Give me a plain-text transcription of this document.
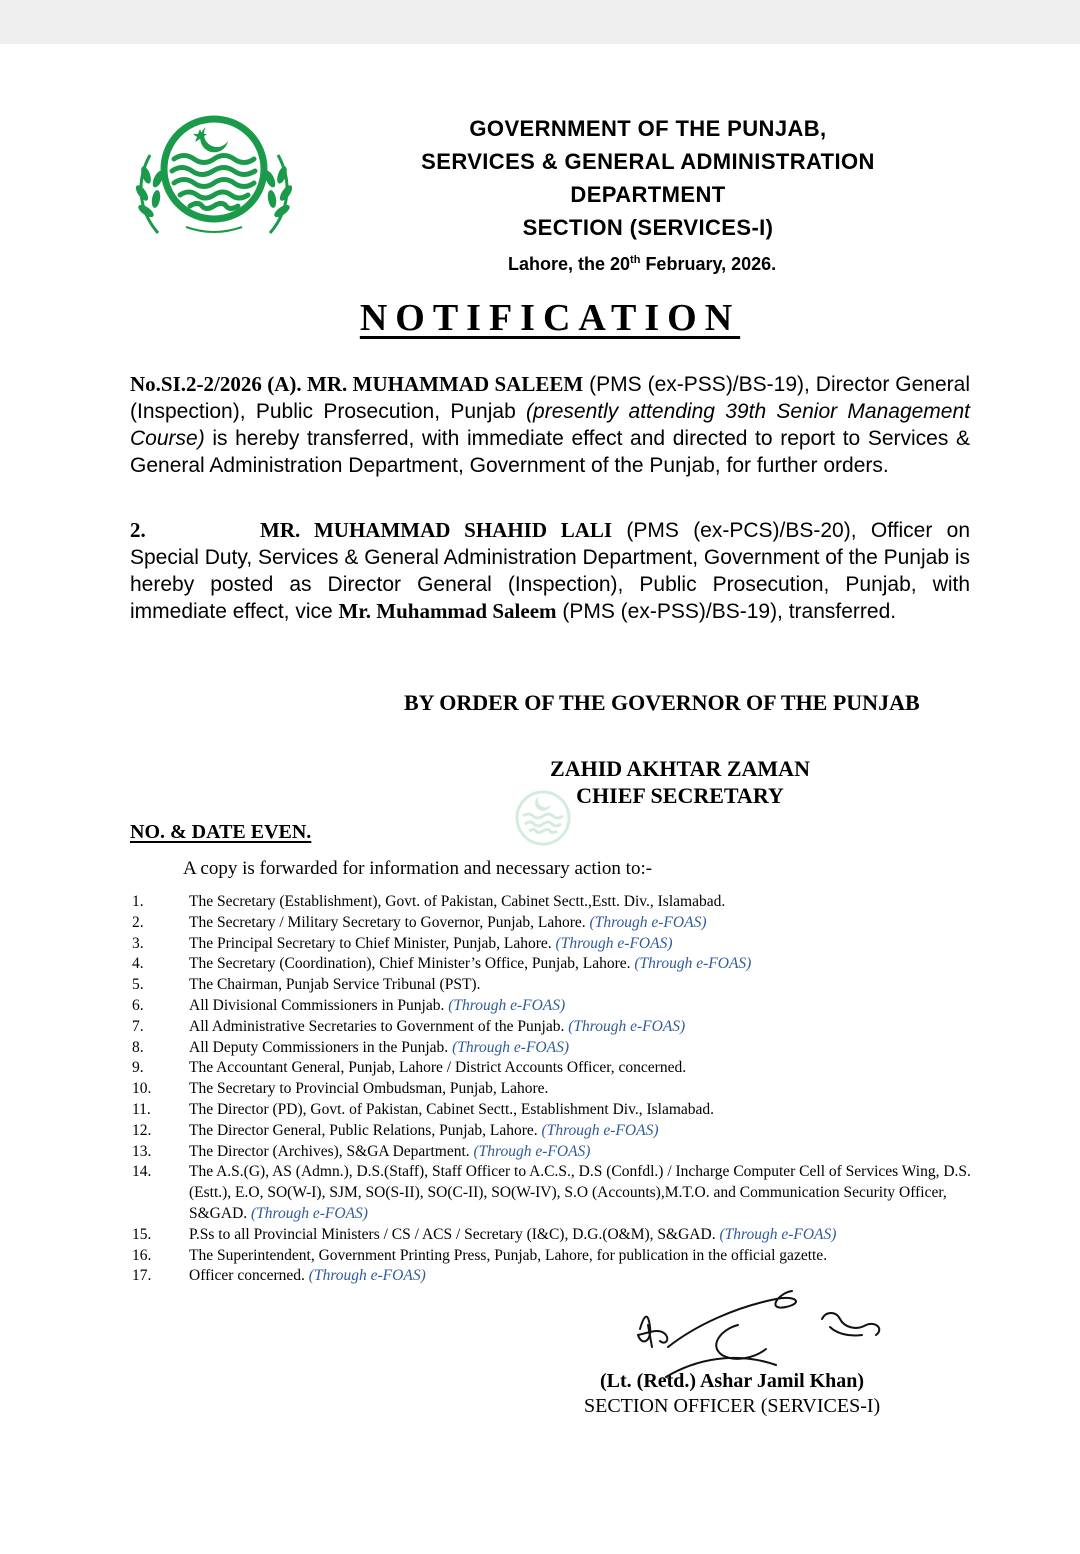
GOVERNMENT OF THE PUNJAB,
SERVICES & GENERAL ADMINISTRATION
DEPARTMENT
SECTION (SERVICES-I)
Lahore, the 20th February, 2026.
NOTIFICATION
No.SI.2-2/2026 (A). MR. MUHAMMAD SALEEM (PMS (ex-PSS)/BS-19), Director General (Inspection), Public Prosecution, Punjab (presently attending 39th Senior Management Course) is hereby transferred, with immediate effect and directed to report to Services & General Administration Department, Government of the Punjab, for further orders.
2.	MR. MUHAMMAD SHAHID LALI (PMS (ex-PCS)/BS-20), Officer on Special Duty, Services & General Administration Department, Government of the Punjab is hereby posted as Director General (Inspection), Public Prosecution, Punjab, with immediate effect, vice Mr. Muhammad Saleem (PMS (ex-PSS)/BS-19), transferred.
BY ORDER OF THE GOVERNOR OF THE PUNJAB
ZAHID AKHTAR ZAMAN
CHIEF SECRETARY
NO. & DATE EVEN.
A copy is forwarded for information and necessary action to:-
1.	The Secretary (Establishment), Govt. of Pakistan, Cabinet Sectt.,Estt. Div., Islamabad.
2.	The Secretary / Military Secretary to Governor, Punjab, Lahore. (Through e-FOAS)
3.	The Principal Secretary to Chief Minister, Punjab, Lahore. (Through e-FOAS)
4.	The Secretary (Coordination), Chief Minister’s Office, Punjab, Lahore. (Through e-FOAS)
5.	The Chairman, Punjab Service Tribunal (PST).
6.	All Divisional Commissioners in Punjab. (Through e-FOAS)
7.	All Administrative Secretaries to Government of the Punjab. (Through e-FOAS)
8.	All Deputy Commissioners in the Punjab. (Through e-FOAS)
9.	The Accountant General, Punjab, Lahore / District Accounts Officer, concerned.
10.	The Secretary to Provincial Ombudsman, Punjab, Lahore.
11.	The Director (PD), Govt. of Pakistan, Cabinet Sectt., Establishment Div., Islamabad.
12.	The Director General, Public Relations, Punjab, Lahore. (Through e-FOAS)
13.	The Director (Archives), S&GA Department. (Through e-FOAS)
14.	The A.S.(G), AS (Admn.), D.S.(Staff), Staff Officer to A.C.S., D.S (Confdl.) / Incharge Computer Cell of Services Wing, D.S.(Estt.), E.O, SO(W-I), SJM, SO(S-II), SO(C-II), SO(W-IV), S.O (Accounts),M.T.O. and Communication Security Officer, S&GAD. (Through e-FOAS)
15.	P.Ss to all Provincial Ministers / CS / ACS / Secretary (I&C), D.G.(O&M), S&GAD. (Through e-FOAS)
16.	The Superintendent, Government Printing Press, Punjab, Lahore, for publication in the official gazette.
17.	Officer concerned. (Through e-FOAS)
(Lt. (Retd.) Ashar Jamil Khan)
SECTION OFFICER (SERVICES-I)
